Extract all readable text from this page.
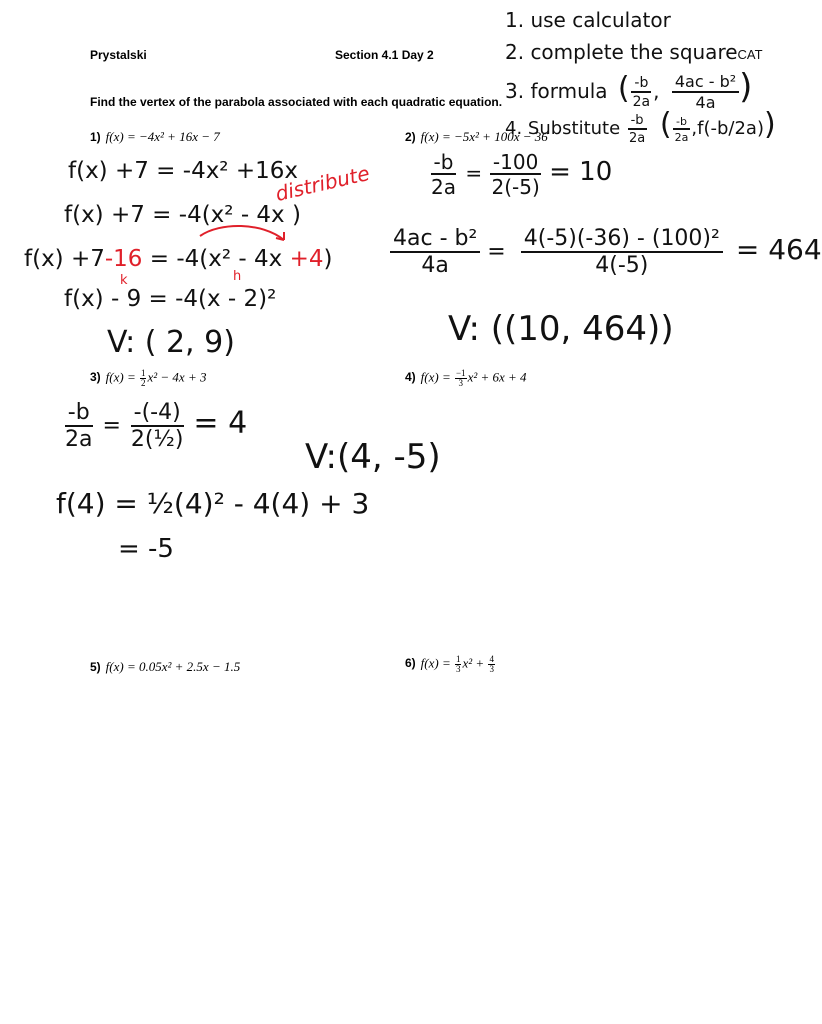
Prystalski	Section 4.1 Day 2
Find the vertex of the parabola associated with each quadratic equation.
1) f(x) = −4x² + 16x − 7	2) f(x) = −5x² + 100x − 36
3) $f(x) = \frac{1}{2} x^2 - 4x + 3$	4) $f(x) = \frac{-1}{3} x^2 + 6x + 4$
5) f(x) = 0.05x² + 2.5x − 1.5	6) $f(x) = \frac{1}{3} x^2 + \frac{4}{3}$
1. use calculator
2. complete the squareCAT
3. formula ( $\frac{-b}{2a}$ , $\frac{\text{4ac - b²}}{4a}$ )
4. Substitute $\frac{-b}{2a}$ ( $\frac{-b}{2a} ,f(-b/2a)$)
f(x) +7 = -4x² +16x
f(x) +7 = -4(x² - 4x )
distribute
f(x) +7-16 = -4(x² - 4x +4)
k	h
f(x) - 9 = -4(x - 2)²
V: ( 2, 9)
$\frac{-b}{2a} = \frac{-100}{2(-5)} = 10$
$\frac{\text{4ac - b²}}{4a} = \frac{\text{4(-5)(-36) - (100)²}}{4(-5)} = 464$
V: ((10, 464))
$\frac{-b}{2a} = \frac{-(-4)}{\text{2(½)}} = 4$
V:(4, -5)
f(4) = ½(4)² - 4(4) + 3
= -5
